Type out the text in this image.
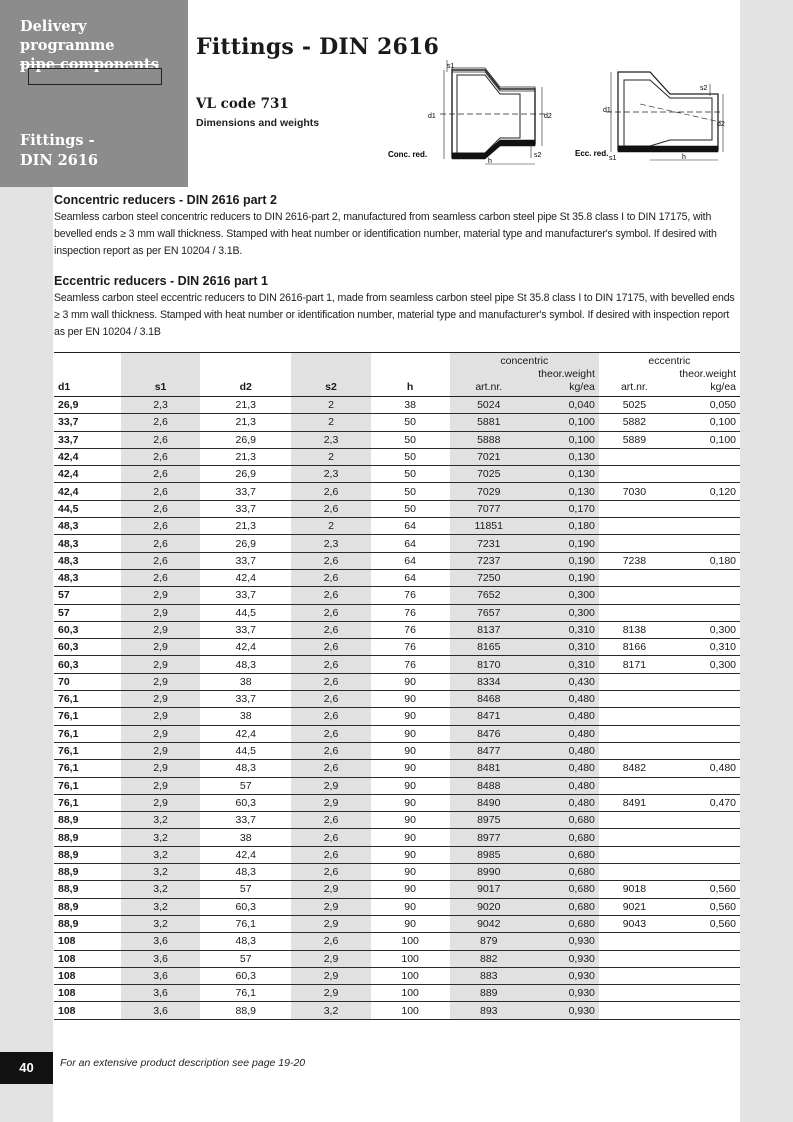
Delivery
programme
pipe components
Fittings -
DIN 2616
Fittings - DIN 2616
VL code 731
Dimensions and weights
s1
d1	d2
s2
h
Conc. red.
d1
d2
s2
s1	h
Ecc. red.
Concentric reducers - DIN 2616 part 2
Seamless carbon steel concentric reducers to DIN 2616-part 2, manufactured from seamless carbon steel pipe St 35.8 class I to DIN 17175, with bevelled ends ≥ 3 mm wall thickness. Stamped with heat number or identification number, material type and manufacturer's symbol. If desired with inspection report as per EN 10204 / 3.1B.
Eccentric reducers - DIN 2616 part 1
Seamless carbon steel eccentric reducers to DIN 2616-part 1, made from seamless carbon steel pipe St 35.8 class I to DIN 17175, with bevelled ends ≥ 3 mm wall thickness. Stamped with heat number or identification number, material type and manufacturer's symbol. If desired with inspection report as per EN 10204 / 3.1B
					concentric		eccentric	
						theor.weight		theor.weight
d1	s1	d2	s2	h	art.nr.	kg/ea	art.nr.	kg/ea
26,9	2,3	21,3	2	38	5024	0,040	5025	0,050
33,7	2,6	21,3	2	50	5881	0,100	5882	0,100
33,7	2,6	26,9	2,3	50	5888	0,100	5889	0,100
42,4	2,6	21,3	2	50	7021	0,130		
42,4	2,6	26,9	2,3	50	7025	0,130		
42,4	2,6	33,7	2,6	50	7029	0,130	7030	0,120
44,5	2,6	33,7	2,6	50	7077	0,170		
48,3	2,6	21,3	2	64	11851	0,180		
48,3	2,6	26,9	2,3	64	7231	0,190		
48,3	2,6	33,7	2,6	64	7237	0,190	7238	0,180
48,3	2,6	42,4	2,6	64	7250	0,190		
57	2,9	33,7	2,6	76	7652	0,300		
57	2,9	44,5	2,6	76	7657	0,300		
60,3	2,9	33,7	2,6	76	8137	0,310	8138	0,300
60,3	2,9	42,4	2,6	76	8165	0,310	8166	0,310
60,3	2,9	48,3	2,6	76	8170	0,310	8171	0,300
70	2,9	38	2,6	90	8334	0,430		
76,1	2,9	33,7	2,6	90	8468	0,480		
76,1	2,9	38	2,6	90	8471	0,480		
76,1	2,9	42,4	2,6	90	8476	0,480		
76,1	2,9	44,5	2,6	90	8477	0,480		
76,1	2,9	48,3	2,6	90	8481	0,480	8482	0,480
76,1	2,9	57	2,9	90	8488	0,480		
76,1	2,9	60,3	2,9	90	8490	0,480	8491	0,470
88,9	3,2	33,7	2,6	90	8975	0,680		
88,9	3,2	38	2,6	90	8977	0,680		
88,9	3,2	42,4	2,6	90	8985	0,680		
88,9	3,2	48,3	2,6	90	8990	0,680		
88,9	3,2	57	2,9	90	9017	0,680	9018	0,560
88,9	3,2	60,3	2,9	90	9020	0,680	9021	0,560
88,9	3,2	76,1	2,9	90	9042	0,680	9043	0,560
108	3,6	48,3	2,6	100	879	0,930		
108	3,6	57	2,9	100	882	0,930		
108	3,6	60,3	2,9	100	883	0,930		
108	3,6	76,1	2,9	100	889	0,930		
108	3,6	88,9	3,2	100	893	0,930		
40	For an extensive product description see page 19-20
